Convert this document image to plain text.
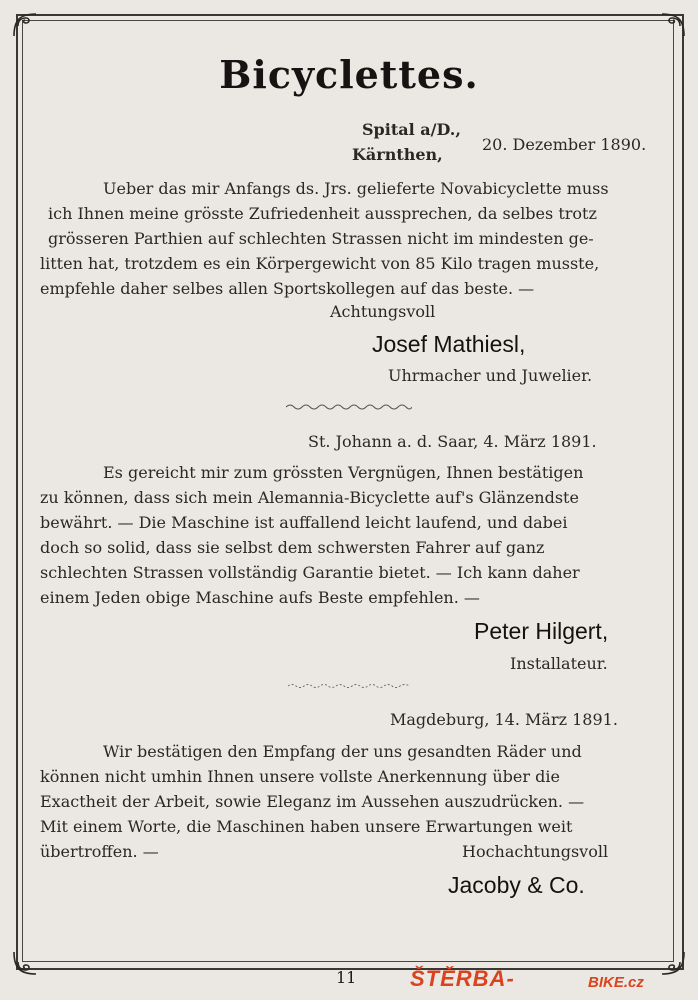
Bicyclettes.
Spital a/D.,
Kärnthen,
20. Dezember 1890.
Ueber das mir Anfangs ds. Jrs. gelieferte Novabicyclette muss
ich Ihnen meine grösste Zufriedenheit aussprechen, da selbes trotz
grösseren Parthien auf schlechten Strassen nicht im mindesten ge-
litten hat, trotzdem es ein Körpergewicht von 85 Kilo tragen musste,
empfehle daher selbes allen Sportskollegen auf das beste. —
Achtungsvoll
Josef Mathiesl,
Uhrmacher und Juwelier.
St. Johann a. d. Saar, 4. März 1891.
Es gereicht mir zum grössten Vergnügen, Ihnen bestätigen
zu können, dass sich mein Alemannia-Bicyclette auf's Glänzendste
bewährt. — Die Maschine ist auffallend leicht laufend, und dabei
doch so solid, dass sie selbst dem schwersten Fahrer auf ganz
schlechten Strassen vollständig Garantie bietet. — Ich kann daher
einem Jeden obige Maschine aufs Beste empfehlen. —
Peter Hilgert,
Installateur.
Magdeburg, 14. März 1891.
Wir bestätigen den Empfang der uns gesandten Räder und
können nicht umhin Ihnen unsere vollste Anerkennung über die
Exactheit der Arbeit, sowie Eleganz im Aussehen auszudrücken. —
Mit einem Worte, die Maschinen haben unsere Erwartungen weit
übertroffen. —	Hochachtungsvoll
Jacoby & Co.
11 ŠTĚRBA-	BIKE.cz
